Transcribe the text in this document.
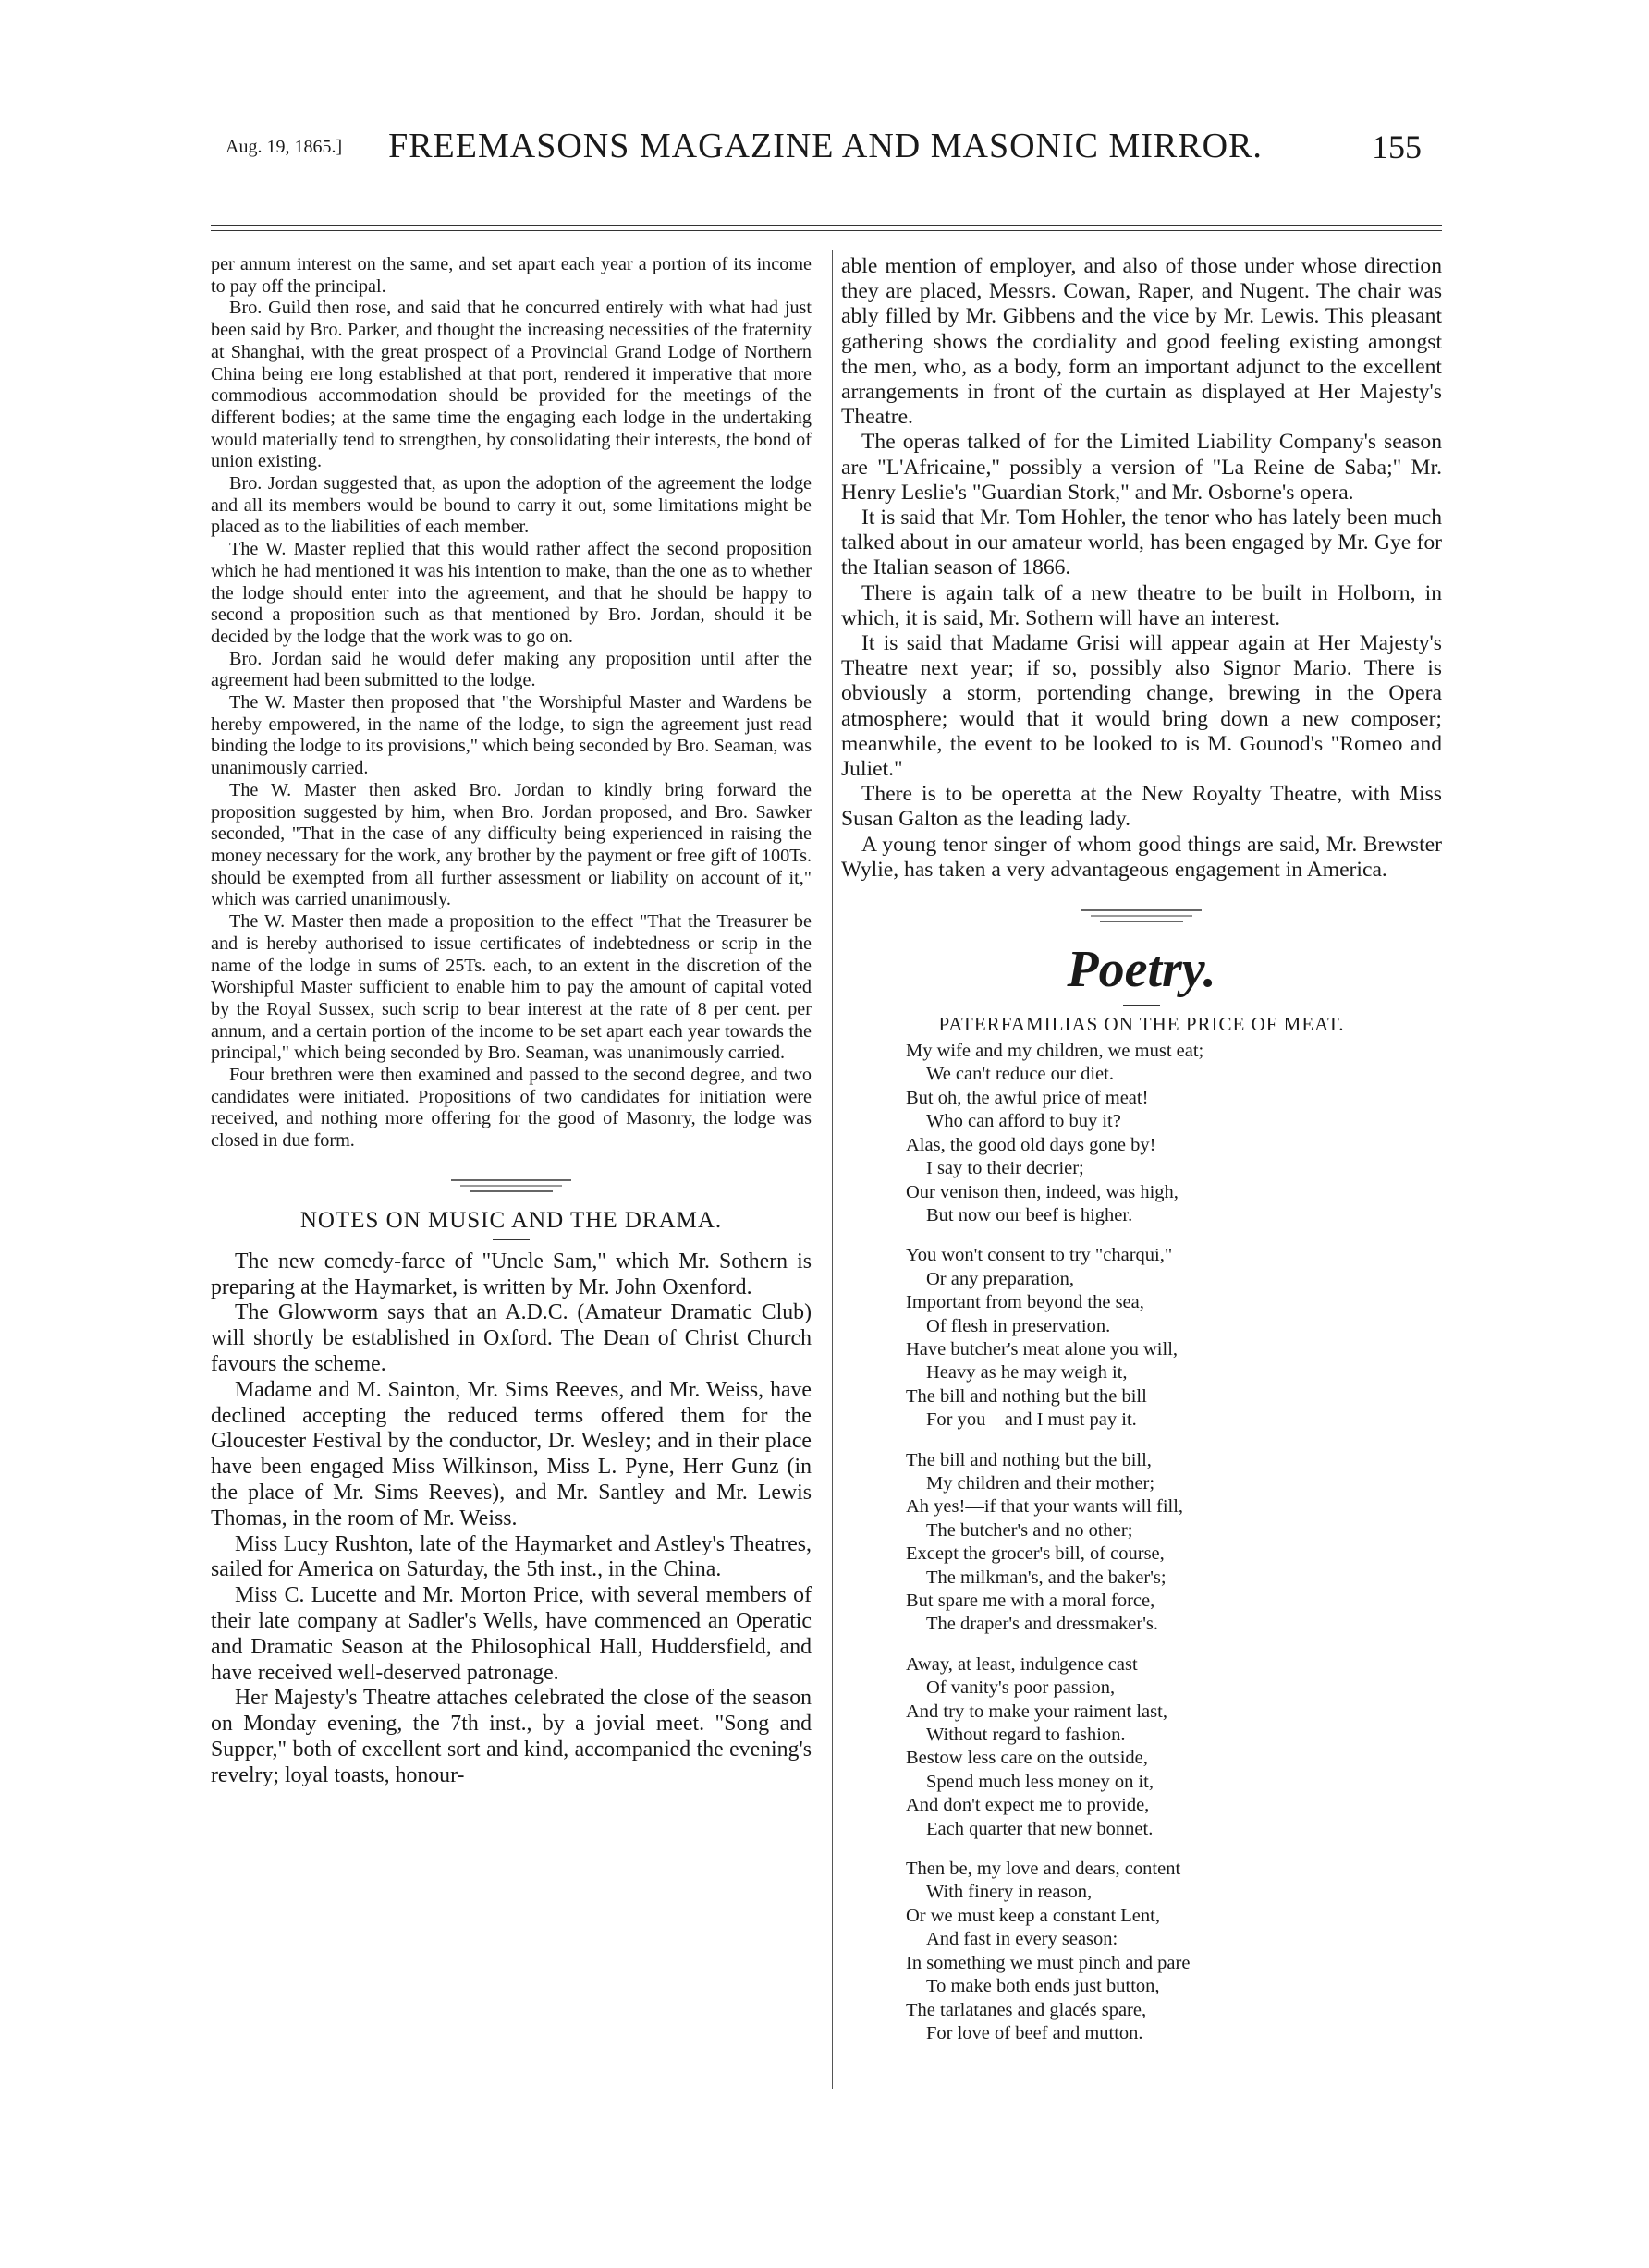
Aug. 19, 1865.]	FREEMASONS MAGAZINE AND MASONIC MIRROR.	155

per annum interest on the same, and set apart each year a portion of its income to pay off the principal.

Bro. Guild then rose, and said that he concurred entirely with what had just been said by Bro. Parker, and thought the increasing necessities of the fraternity at Shanghai, with the great prospect of a Provincial Grand Lodge of Northern China being ere long established at that port, rendered it imperative that more commodious accommodation should be provided for the meetings of the different bodies; at the same time the engaging each lodge in the undertaking would materially tend to strengthen, by consolidating their interests, the bond of union existing.

Bro. Jordan suggested that, as upon the adoption of the agreement the lodge and all its members would be bound to carry it out, some limitations might be placed as to the liabilities of each member.

The W. Master replied that this would rather affect the second proposition which he had mentioned it was his intention to make, than the one as to whether the lodge should enter into the agreement, and that he should be happy to second a proposition such as that mentioned by Bro. Jordan, should it be decided by the lodge that the work was to go on.

Bro. Jordan said he would defer making any proposition until after the agreement had been submitted to the lodge.

The W. Master then proposed that "the Worshipful Master and Wardens be hereby empowered, in the name of the lodge, to sign the agreement just read binding the lodge to its provisions," which being seconded by Bro. Seaman, was unanimously carried.

The W. Master then asked Bro. Jordan to kindly bring forward the proposition suggested by him, when Bro. Jordan proposed, and Bro. Sawker seconded, "That in the case of any difficulty being experienced in raising the money necessary for the work, any brother by the payment or free gift of 100Ts. should be exempted from all further assessment or liability on account of it," which was carried unanimously.

The W. Master then made a proposition to the effect "That the Treasurer be and is hereby authorised to issue certificates of indebtedness or scrip in the name of the lodge in sums of 25Ts. each, to an extent in the discretion of the Worshipful Master sufficient to enable him to pay the amount of capital voted by the Royal Sussex, such scrip to bear interest at the rate of 8 per cent. per annum, and a certain portion of the income to be set apart each year towards the principal," which being seconded by Bro. Seaman, was unanimously carried.

Four brethren were then examined and passed to the second degree, and two candidates were initiated. Propositions of two candidates for initiation were received, and nothing more offering for the good of Masonry, the lodge was closed in due form.

NOTES ON MUSIC AND THE DRAMA.

The new comedy-farce of "Uncle Sam," which Mr. Sothern is preparing at the Haymarket, is written by Mr. John Oxenford.

The Glowworm says that an A.D.C. (Amateur Dramatic Club) will shortly be established in Oxford. The Dean of Christ Church favours the scheme.

Madame and M. Sainton, Mr. Sims Reeves, and Mr. Weiss, have declined accepting the reduced terms offered them for the Gloucester Festival by the conductor, Dr. Wesley; and in their place have been engaged Miss Wilkinson, Miss L. Pyne, Herr Gunz (in the place of Mr. Sims Reeves), and Mr. Santley and Mr. Lewis Thomas, in the room of Mr. Weiss.

Miss Lucy Rushton, late of the Haymarket and Astley's Theatres, sailed for America on Saturday, the 5th inst., in the China.

Miss C. Lucette and Mr. Morton Price, with several members of their late company at Sadler's Wells, have commenced an Operatic and Dramatic Season at the Philosophical Hall, Huddersfield, and have received well-deserved patronage.

Her Majesty's Theatre attaches celebrated the close of the season on Monday evening, the 7th inst., by a jovial meet. "Song and Supper," both of excellent sort and kind, accompanied the evening's revelry; loyal toasts, honour-

able mention of employer, and also of those under whose direction they are placed, Messrs. Cowan, Raper, and Nugent. The chair was ably filled by Mr. Gibbens and the vice by Mr. Lewis. This pleasant gathering shows the cordiality and good feeling existing amongst the men, who, as a body, form an important adjunct to the excellent arrangements in front of the curtain as displayed at Her Majesty's Theatre.

The operas talked of for the Limited Liability Company's season are "L'Africaine," possibly a version of "La Reine de Saba;" Mr. Henry Leslie's "Guardian Stork," and Mr. Osborne's opera.

It is said that Mr. Tom Hohler, the tenor who has lately been much talked about in our amateur world, has been engaged by Mr. Gye for the Italian season of 1866.

There is again talk of a new theatre to be built in Holborn, in which, it is said, Mr. Sothern will have an interest.

It is said that Madame Grisi will appear again at Her Majesty's Theatre next year; if so, possibly also Signor Mario. There is obviously a storm, portending change, brewing in the Opera atmosphere; would that it would bring down a new composer; meanwhile, the event to be looked to is M. Gounod's "Romeo and Juliet."

There is to be operetta at the New Royalty Theatre, with Miss Susan Galton as the leading lady.

A young tenor singer of whom good things are said, Mr. Brewster Wylie, has taken a very advantageous engagement in America.

Poetry.
PATERFAMILIAS ON THE PRICE OF MEAT.
My wife and my children, we must eat;
We can't reduce our diet.
But oh, the awful price of meat!
Who can afford to buy it?
Alas, the good old days gone by!
I say to their decrier;
Our venison then, indeed, was high,
But now our beef is higher.
You won't consent to try "charqui,"
Or any preparation,
Important from beyond the sea,
Of flesh in preservation.
Have butcher's meat alone you will,
Heavy as he may weigh it,
The bill and nothing but the bill
For you—and I must pay it.
The bill and nothing but the bill,
My children and their mother;
Ah yes!—if that your wants will fill,
The butcher's and no other;
Except the grocer's bill, of course,
The milkman's, and the baker's;
But spare me with a moral force,
The draper's and dressmaker's.
Away, at least, indulgence cast
Of vanity's poor passion,
And try to make your raiment last,
Without regard to fashion.
Bestow less care on the outside,
Spend much less money on it,
And don't expect me to provide,
Each quarter that new bonnet.
Then be, my love and dears, content
With finery in reason,
Or we must keep a constant Lent,
And fast in every season:
In something we must pinch and pare
To make both ends just button,
The tarlatanes and glacés spare,
For love of beef and mutton.
